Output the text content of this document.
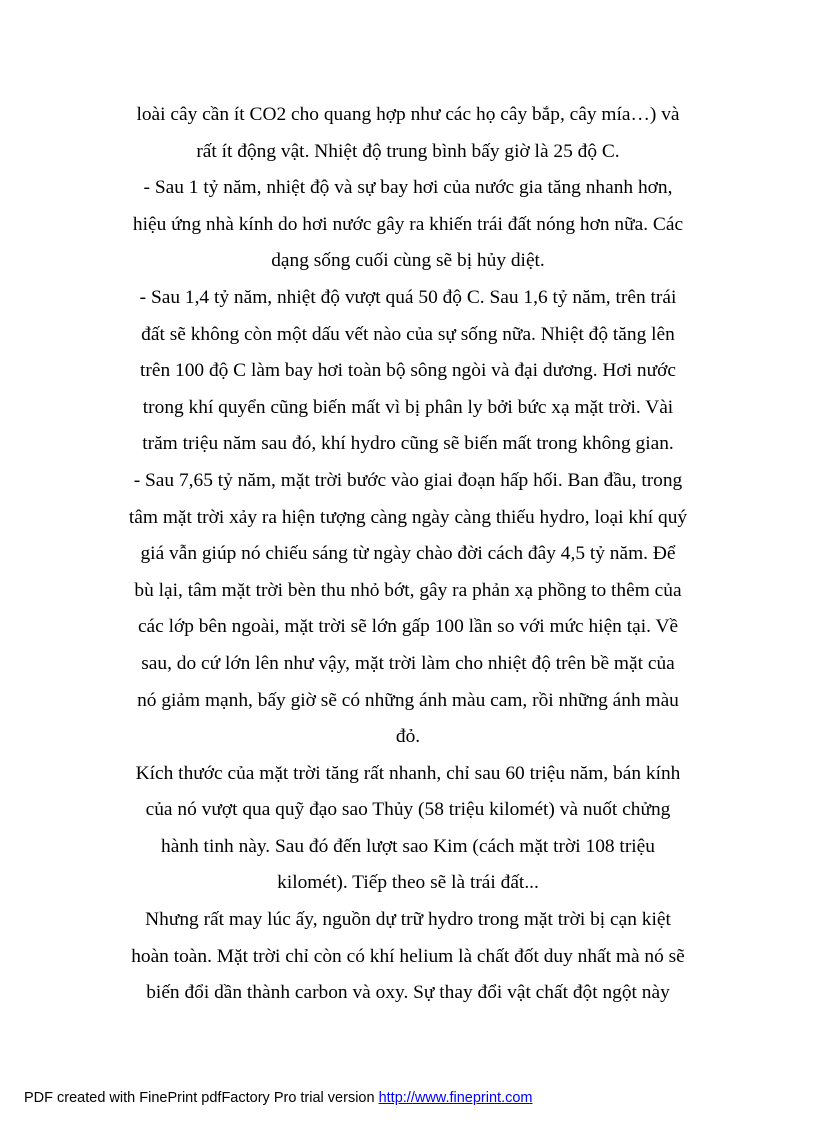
loài cây cần ít CO2 cho quang hợp như các họ cây bắp, cây mía…) và
rất ít động vật. Nhiệt độ trung bình bấy giờ là 25 độ C.
- Sau 1 tỷ năm, nhiệt độ và sự bay hơi của nước gia tăng nhanh hơn,
hiệu ứng nhà kính do hơi nước gây ra khiến trái đất nóng hơn nữa. Các
dạng sống cuối cùng sẽ bị hủy diệt.
- Sau 1,4 tỷ năm, nhiệt độ vượt quá 50 độ C. Sau 1,6 tỷ năm, trên trái
đất sẽ không còn một dấu vết nào của sự sống nữa. Nhiệt độ tăng lên
trên 100 độ C làm bay hơi toàn bộ sông ngòi và đại dương. Hơi nước
trong khí quyển cũng biến mất vì bị phân ly bởi bức xạ mặt trời. Vài
trăm triệu năm sau đó, khí hydro cũng sẽ biến mất trong không gian.
- Sau 7,65 tỷ năm, mặt trời bước vào giai đoạn hấp hối. Ban đầu, trong
tâm mặt trời xảy ra hiện tượng càng ngày càng thiếu hydro, loại khí quý
giá vẫn giúp nó chiếu sáng từ ngày chào đời cách đây 4,5 tỷ năm. Để
bù lại, tâm mặt trời bèn thu nhỏ bớt, gây ra phản xạ phồng to thêm của
các lớp bên ngoài, mặt trời sẽ lớn gấp 100 lần so với mức hiện tại. Về
sau, do cứ lớn lên như vậy, mặt trời làm cho nhiệt độ trên bề mặt của
nó giảm mạnh, bấy giờ sẽ có những ánh màu cam, rồi những ánh màu
đỏ.
Kích thước của mặt trời tăng rất nhanh, chỉ sau 60 triệu năm, bán kính
của nó vượt qua quỹ đạo sao Thủy (58 triệu kilomét) và nuốt chửng
hành tinh này. Sau đó đến lượt sao Kim (cách mặt trời 108 triệu
kilomét). Tiếp theo sẽ là trái đất...
Nhưng rất may lúc ấy, nguồn dự trữ hydro trong mặt trời bị cạn kiệt
hoàn toàn. Mặt trời chỉ còn có khí helium là chất đốt duy nhất mà nó sẽ
biến đổi dần thành carbon và oxy. Sự thay đổi vật chất đột ngột này
PDF created with FinePrint pdfFactory Pro trial version http://www.fineprint.com
